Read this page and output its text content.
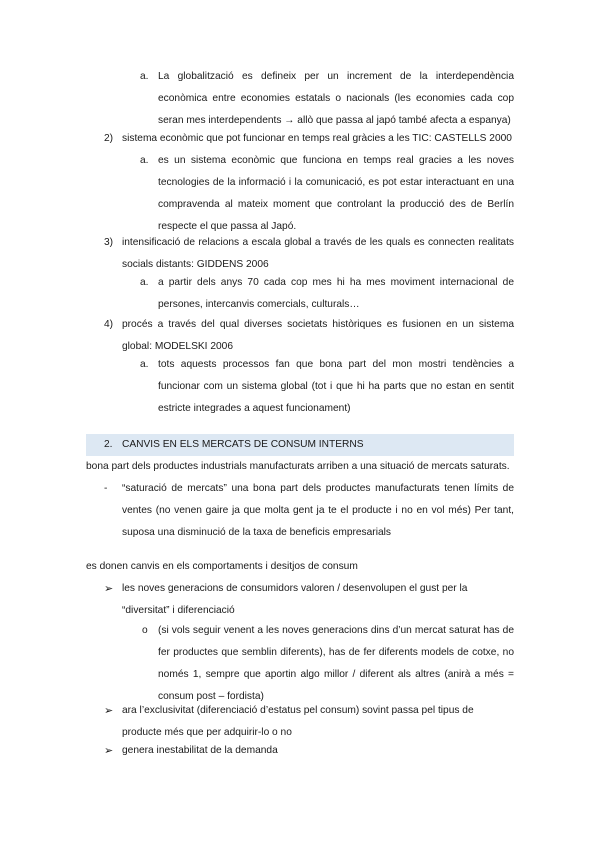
a. La globalització es defineix per un increment de la interdependència econòmica entre economies estatals o nacionals (les economies cada cop seran mes interdependents → allò que passa al japó també afecta a espanya)
2) sistema econòmic que pot funcionar en temps real gràcies a les TIC: CASTELLS 2000
a. es un sistema econòmic que funciona en temps real gracies a les noves tecnologies de la informació i la comunicació, es pot estar interactuant en una compravenda al mateix moment que controlant la producció des de Berlín respecte el que passa al Japó.
3) intensificació de relacions a escala global a través de les quals es connecten realitats socials distants: GIDDENS 2006
a. a partir dels anys 70 cada cop mes hi ha mes moviment internacional de persones, intercanvis comercials, culturals…
4) procés a través del qual diverses societats històriques es fusionen en un sistema global: MODELSKI 2006
a. tots aquests processos fan que bona part del mon mostri tendències a funcionar com un sistema global (tot i que hi ha parts que no estan en sentit estricte integrades a aquest funcionament)
2. CANVIS EN ELS MERCATS DE CONSUM INTERNS
bona part dels productes industrials manufacturats arriben a una situació de mercats saturats.
- “saturació de mercats” una bona part dels productes manufacturats tenen límits de ventes (no venen gaire ja que molta gent ja te el producte i no en vol més) Per tant, suposa una disminució de la taxa de beneficis empresarials
es donen canvis en els comportaments i desitjos de consum
➢ les noves generacions de consumidors valoren / desenvolupen el gust per la “diversitat” i diferenciació
o (si vols seguir venent a les noves generacions dins d’un mercat saturat has de fer productes que semblin diferents), has de fer diferents models de cotxe, no només 1, sempre que aportin algo millor / diferent als altres (anirà a més = consum post – fordista)
➢ ara l’exclusivitat (diferenciació d’estatus pel consum) sovint passa pel tipus de producte més que per adquirir-lo o no
➢ genera inestabilitat de la demanda
